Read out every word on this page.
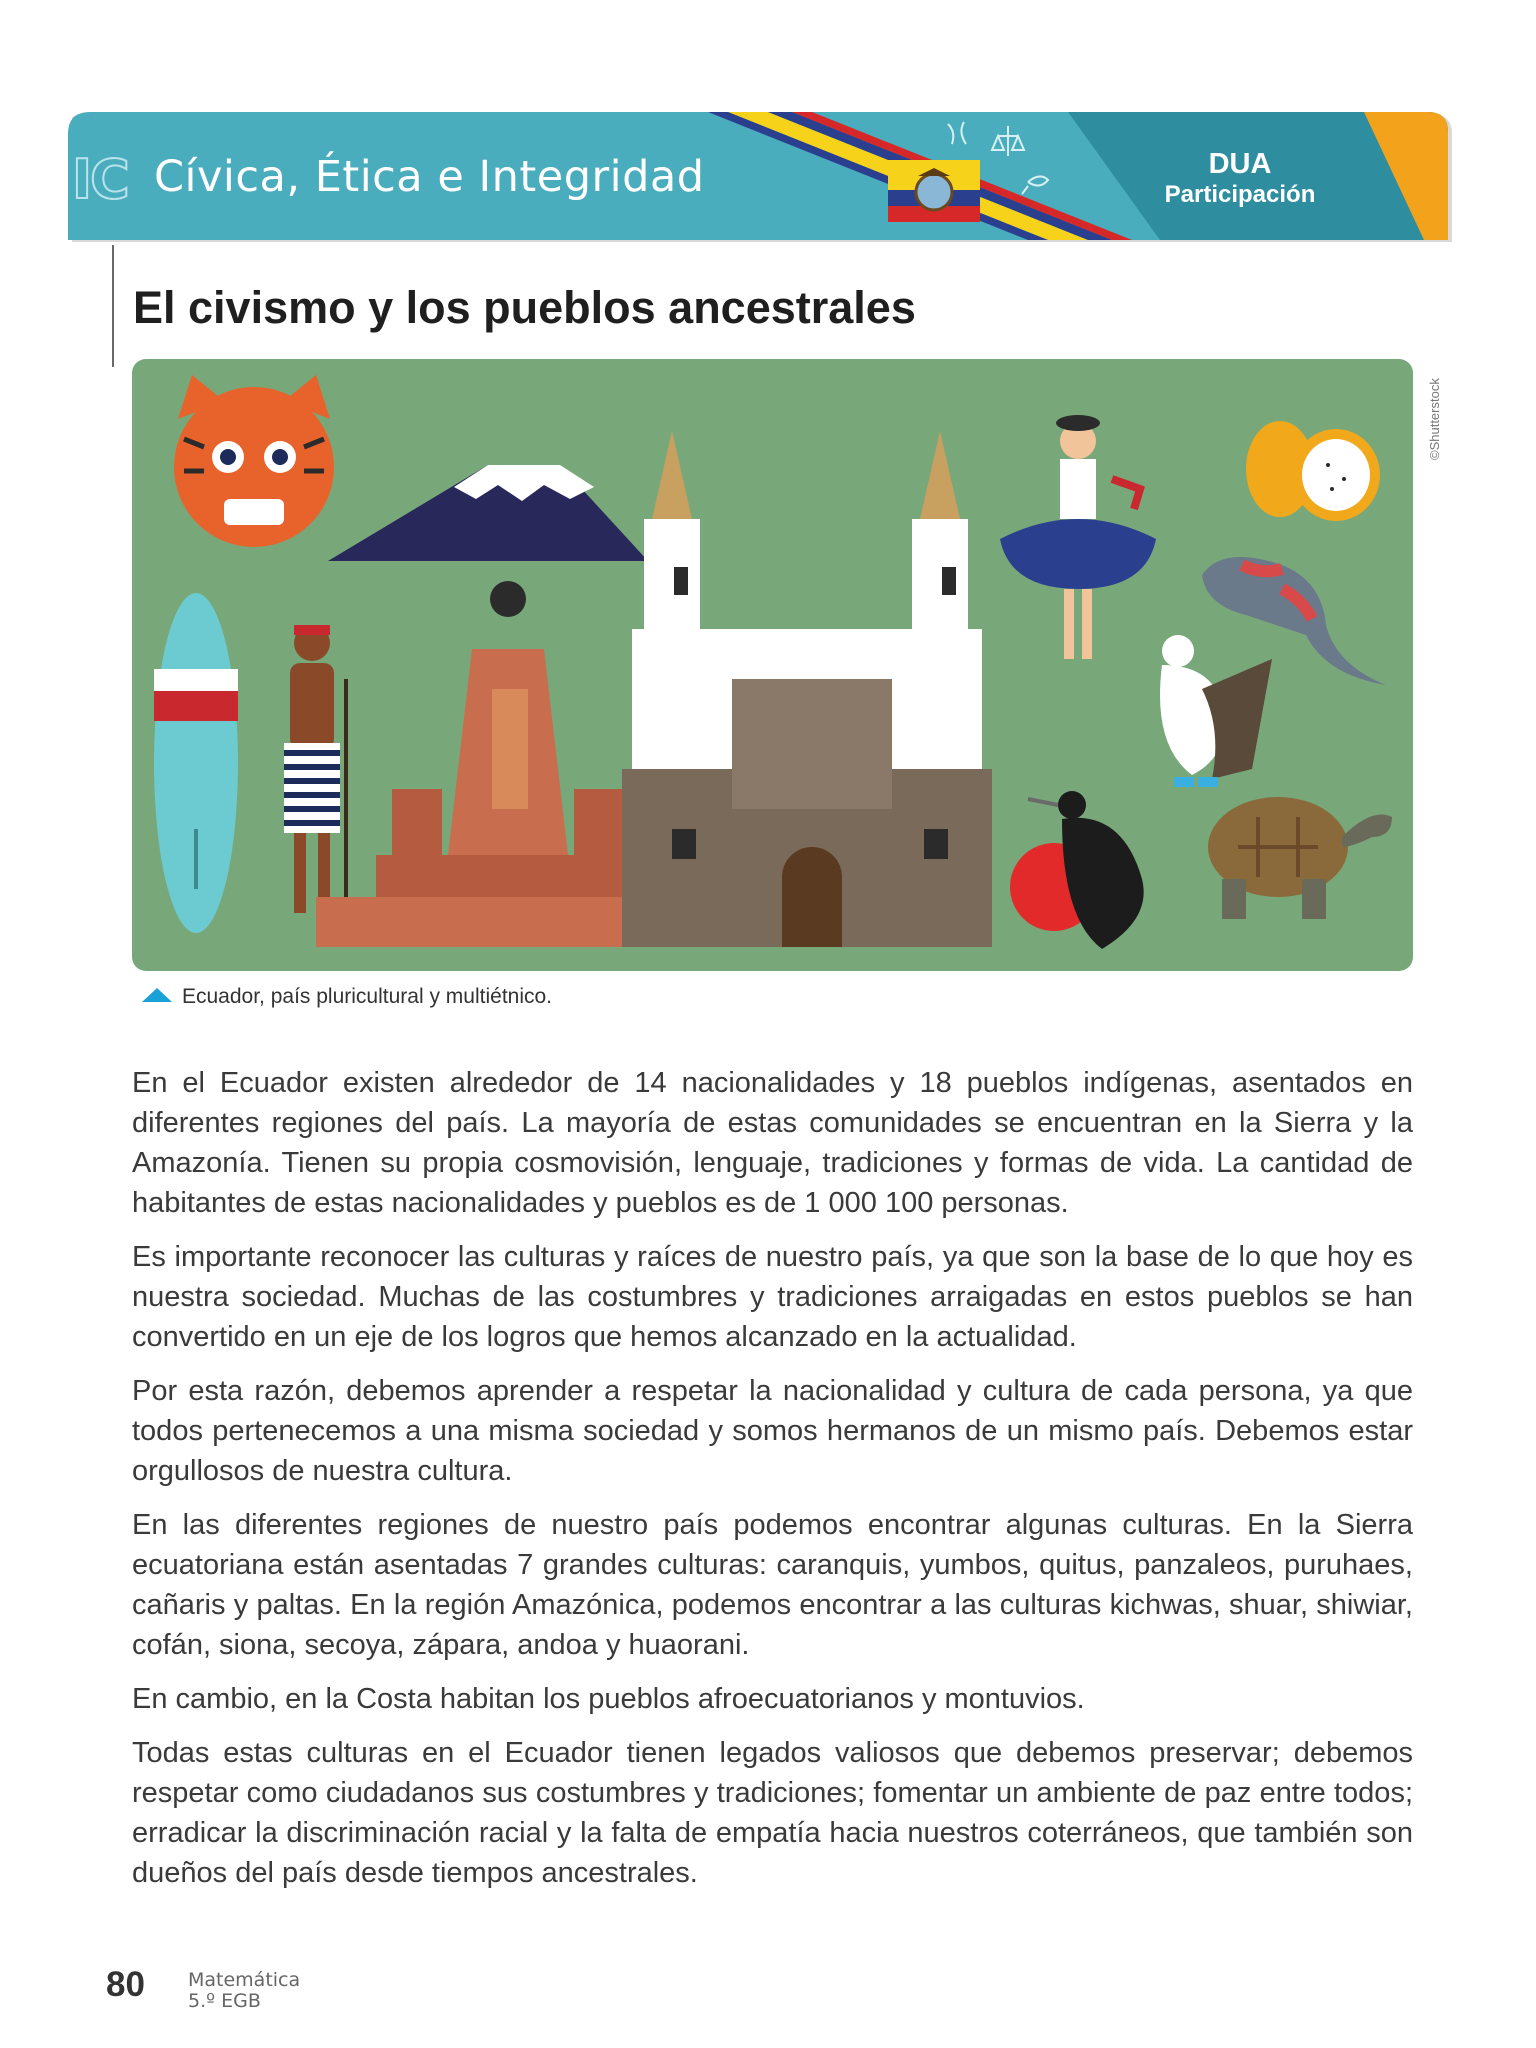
IC Cívica, Ética e Integridad	DUA
Participación
El civismo y los pueblos ancestrales
©Shutterstock
Ecuador, país pluricultural y multiétnico.

En el Ecuador existen alrededor de 14 nacionalidades y 18 pueblos indígenas, asentados en diferentes regiones del país. La mayoría de estas comunidades se encuentran en la Sierra y la Amazonía. Tienen su propia cosmovisión, lenguaje, tradiciones y formas de vida. La cantidad de habitantes de estas nacionalidades y pueblos es de 1 000 100 personas.

Es importante reconocer las culturas y raíces de nuestro país, ya que son la base de lo que hoy es nuestra sociedad. Muchas de las costumbres y tradiciones arraigadas en estos pueblos se han convertido en un eje de los logros que hemos alcanzado en la actualidad.

Por esta razón, debemos aprender a respetar la nacionalidad y cultura de cada persona, ya que todos pertenecemos a una misma sociedad y somos hermanos de un mismo país. Debemos estar orgullosos de nuestra cultura.

En las diferentes regiones de nuestro país podemos encontrar algunas culturas. En la Sierra ecuatoriana están asentadas 7 grandes culturas: caranquis, yumbos, quitus, panzaleos, puruhaes, cañaris y paltas. En la región Amazónica, podemos encontrar a las culturas kichwas, shuar, shiwiar, cofán, siona, secoya, zápara, andoa y huaorani.

En cambio, en la Costa habitan los pueblos afroecuatorianos y montuvios.

Todas estas culturas en el Ecuador tienen legados valiosos que debemos preservar; debemos respetar como ciudadanos sus costumbres y tradiciones; fomentar un ambiente de paz entre todos; erradicar la discriminación racial y la falta de empatía hacia nuestros coterráneos, que también son dueños del país desde tiempos ancestrales.

80 Matemática
5.º EGB
